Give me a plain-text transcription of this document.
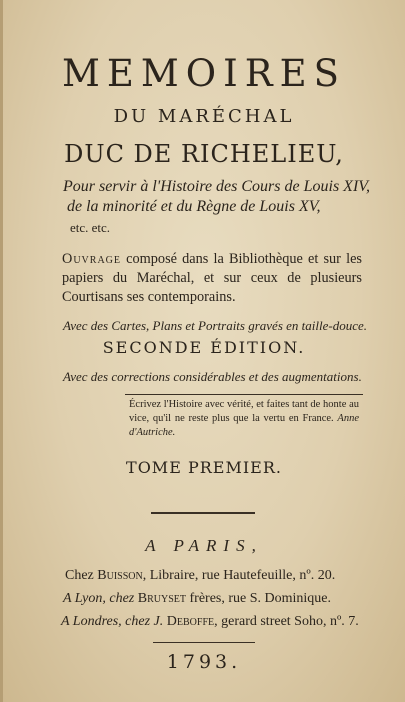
MEMOIRES
DU MARÉCHAL
DUC DE RICHELIEU,
Pour servir à l'Histoire des Cours de Louis XIV,
de la minorité et du Règne de Louis XV,
etc. etc.
Ouvrage composé dans la Bibliothèque et sur les papiers du Maréchal, et sur ceux de plusieurs Courtisans ses contemporains.
Avec des Cartes, Plans et Portraits gravés en taille-douce.
SECONDE ÉDITION.
Avec des corrections considérables et des augmentations.
Écrivez l'Histoire avec vérité, et faites tant de honte au vice, qu'il ne reste plus que la vertu en France. Anne d'Autriche.
TOME PREMIER.
A PARIS,
Chez Buisson, Libraire, rue Hautefeuille, nº. 20.
A Lyon, chez Bruyset frères, rue S. Dominique.
A Londres, chez J. Deboffe, gerard street Soho, nº. 7.
1793.
